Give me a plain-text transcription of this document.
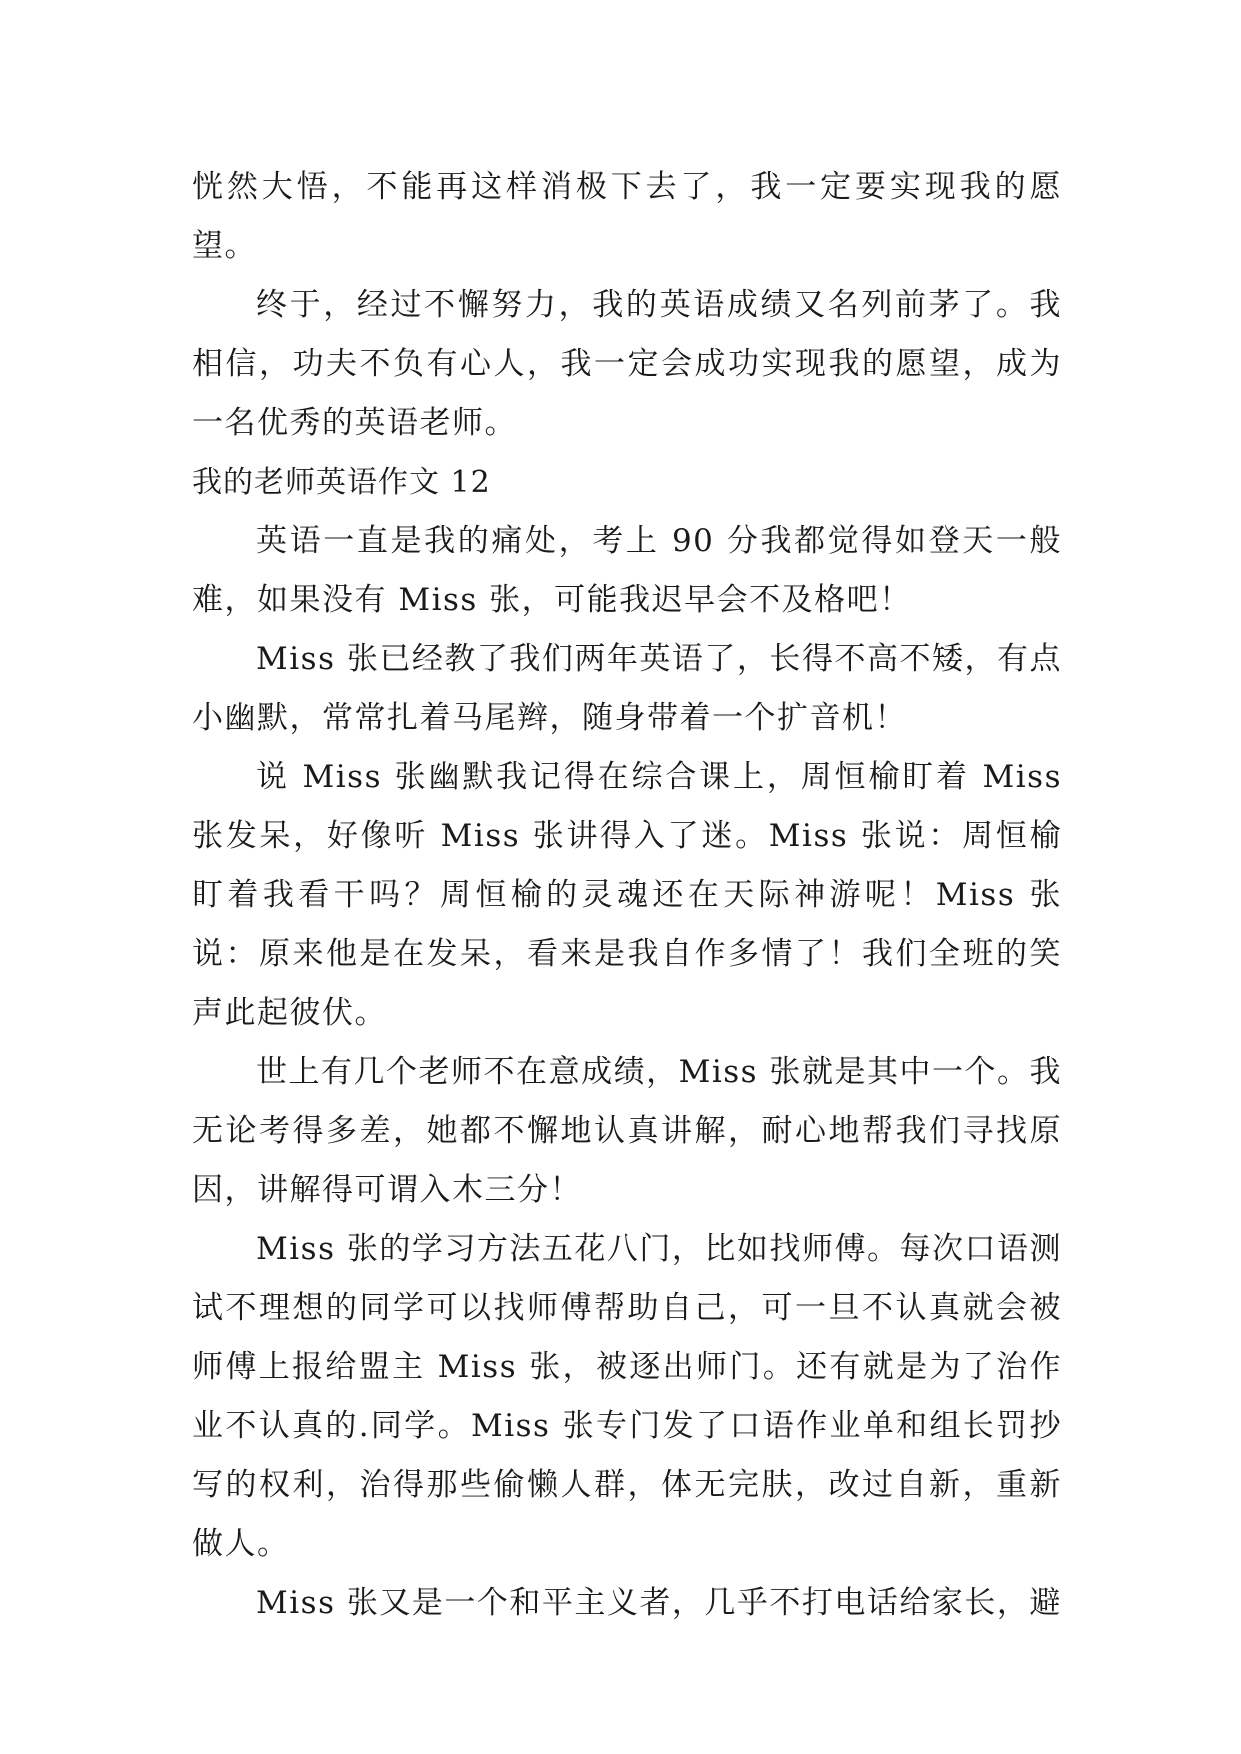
恍然大悟，不能再这样消极下去了，我一定要实现我的愿望。

终于，经过不懈努力，我的英语成绩又名列前茅了。我相信，功夫不负有心人，我一定会成功实现我的愿望，成为一名优秀的英语老师。

我的老师英语作文 12

英语一直是我的痛处，考上 90 分我都觉得如登天一般难，如果没有 Miss 张，可能我迟早会不及格吧！

Miss 张已经教了我们两年英语了，长得不高不矮，有点小幽默，常常扎着马尾辫，随身带着一个扩音机！

说 Miss 张幽默我记得在综合课上，周恒榆盯着 Miss 张发呆，好像听 Miss 张讲得入了迷。Miss 张说：周恒榆盯着我看干吗？周恒榆的灵魂还在天际神游呢！Miss 张说：原来他是在发呆，看来是我自作多情了！我们全班的笑声此起彼伏。

世上有几个老师不在意成绩，Miss 张就是其中一个。我无论考得多差，她都不懈地认真讲解，耐心地帮我们寻找原因，讲解得可谓入木三分！

Miss 张的学习方法五花八门，比如找师傅。每次口语测试不理想的同学可以找师傅帮助自己，可一旦不认真就会被师傅上报给盟主 Miss 张，被逐出师门。还有就是为了治作业不认真的.同学。Miss 张专门发了口语作业单和组长罚抄写的权利，治得那些偷懒人群，体无完肤，改过自新，重新做人。

Miss 张又是一个和平主义者，几乎不打电话给家长，避
